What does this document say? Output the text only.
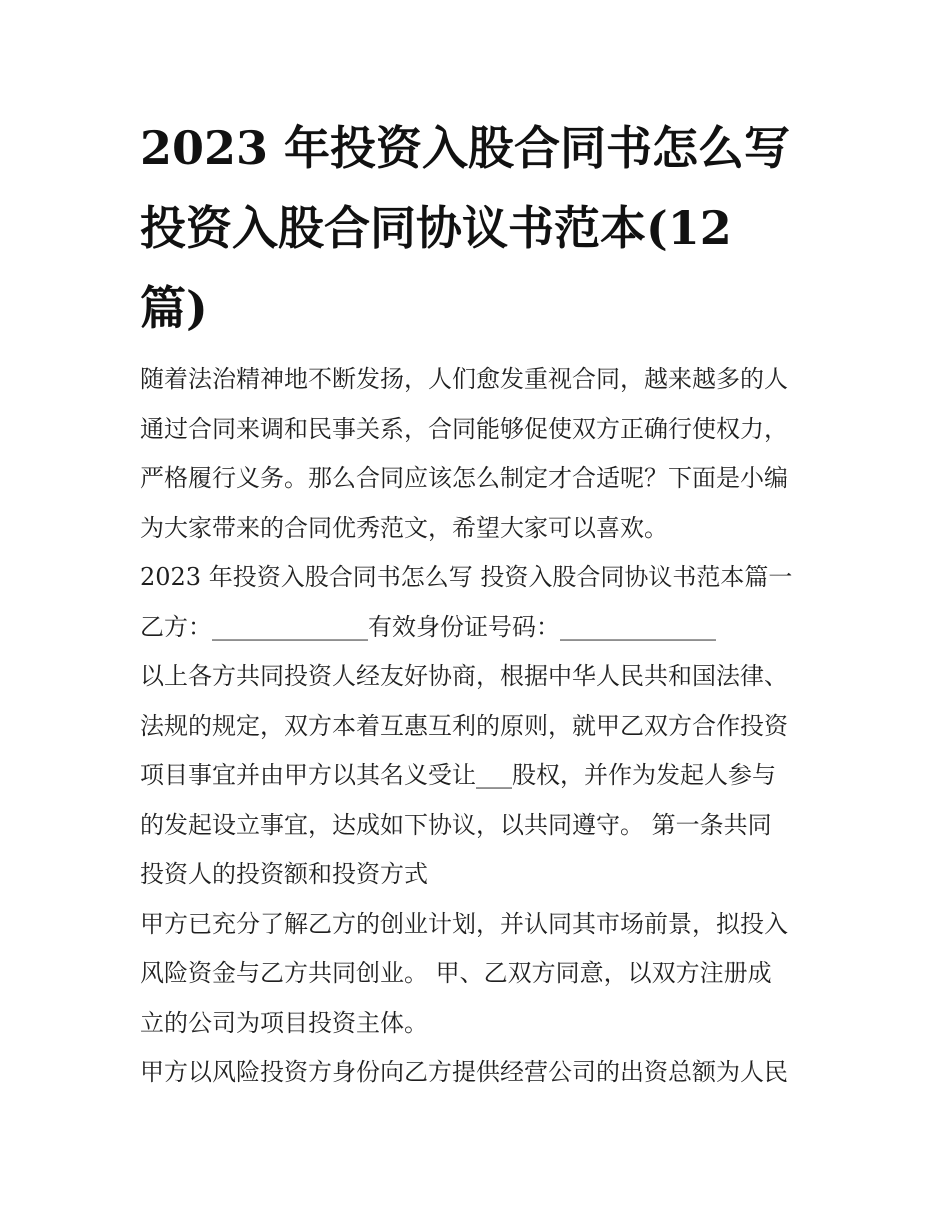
2023 年投资入股合同书怎么写
投资入股合同协议书范本(12
篇)
随着法治精神地不断发扬，人们愈发重视合同，越来越多的人
通过合同来调和民事关系，合同能够促使双方正确行使权力，
严格履行义务。那么合同应该怎么制定才合适呢？下面是小编
为大家带来的合同优秀范文，希望大家可以喜欢。
2023 年投资入股合同书怎么写 投资入股合同协议书范本篇一
乙方：_____________有效身份证号码：_____________
以上各方共同投资人经友好协商，根据中华人民共和国法律、
法规的规定，双方本着互惠互利的原则，就甲乙双方合作投资
项目事宜并由甲方以其名义受让___股权，并作为发起人参与
的发起设立事宜，达成如下协议，以共同遵守。 第一条共同
投资人的投资额和投资方式
甲方已充分了解乙方的创业计划，并认同其市场前景，拟投入
风险资金与乙方共同创业。 甲、乙双方同意，以双方注册成
立的公司为项目投资主体。
甲方以风险投资方身份向乙方提供经营公司的出资总额为人民
